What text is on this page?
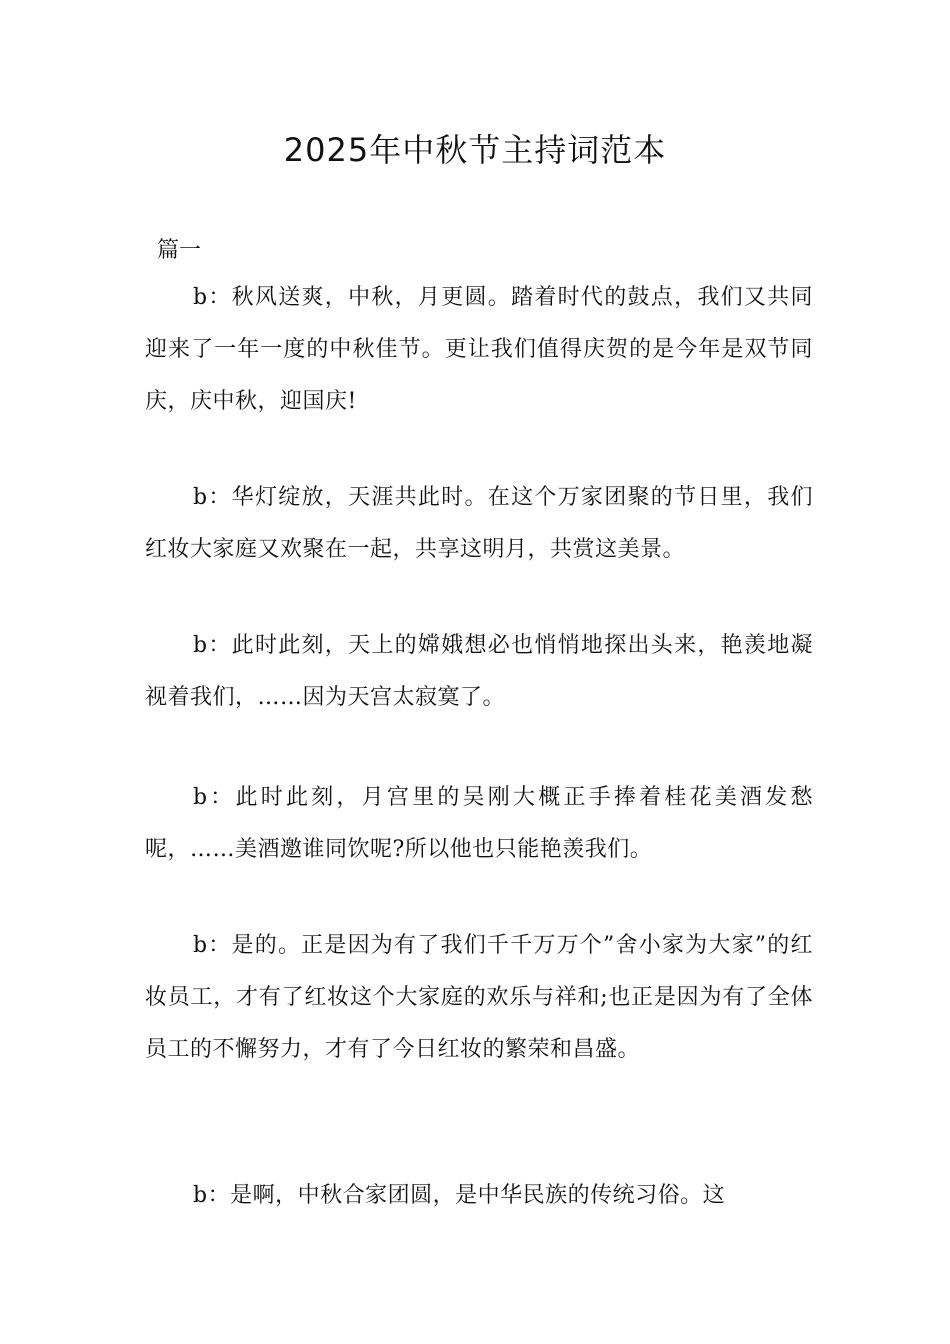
2025年中秋节主持词范本
篇一

b：秋风送爽，中秋，月更圆。踏着时代的鼓点，我们又共同迎来了一年一度的中秋佳节。更让我们值得庆贺的是今年是双节同庆，庆中秋，迎国庆!

b：华灯绽放，天涯共此时。在这个万家团聚的节日里，我们红妆大家庭又欢聚在一起，共享这明月，共赏这美景。

b：此时此刻，天上的嫦娥想必也悄悄地探出头来，艳羡地凝视着我们，……因为天宫太寂寞了。

b：此时此刻，月宫里的吴刚大概正手捧着桂花美酒发愁呢，……美酒邀谁同饮呢?所以他也只能艳羡我们。

b：是的。正是因为有了我们千千万万个”舍小家为大家”的红妆员工，才有了红妆这个大家庭的欢乐与祥和;也正是因为有了全体员工的不懈努力，才有了今日红妆的繁荣和昌盛。

b：是啊，中秋合家团圆，是中华民族的传统习俗。这
